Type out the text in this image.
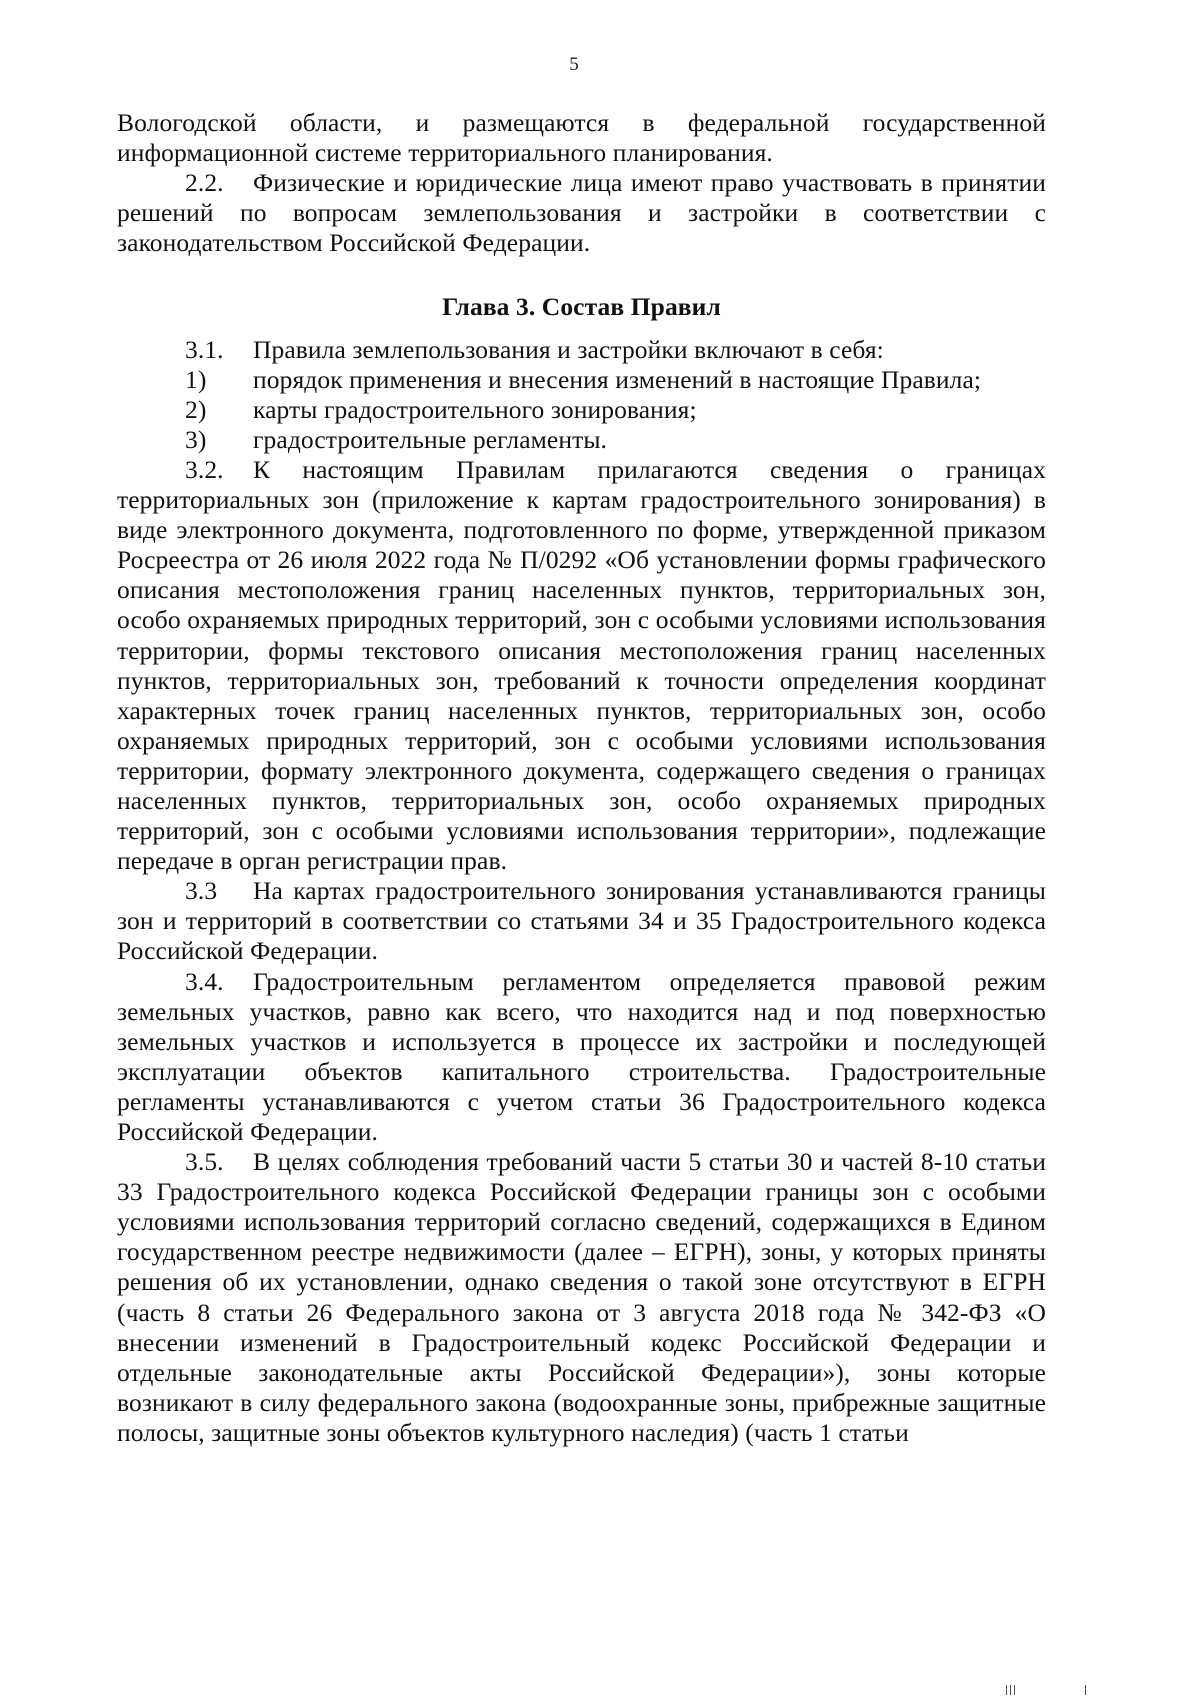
5

Вологодской области, и размещаются в федеральной государственной информационной системе территориального планирования.

2.2. Физические и юридические лица имеют право участвовать в принятии решений по вопросам землепользования и застройки в соответствии с законодательством Российской Федерации.

Глава 3. Состав Правил

3.1. Правила землепользования и застройки включают в себя:

1) порядок применения и внесения изменений в настоящие Правила;

2) карты градостроительного зонирования;

3) градостроительные регламенты.

3.2. К настоящим Правилам прилагаются сведения о границах территориальных зон (приложение к картам градостроительного зонирования) в виде электронного документа, подготовленного по форме, утвержденной приказом Росреестра от 26 июля 2022 года № П/0292 «Об установлении формы графического описания местоположения границ населенных пунктов, территориальных зон, особо охраняемых природных территорий, зон с особыми условиями использования территории, формы текстового описания местоположения границ населенных пунктов, территориальных зон, требований к точности определения координат характерных точек границ населенных пунктов, территориальных зон, особо охраняемых природных территорий, зон с особыми условиями использования территории, формату электронного документа, содержащего сведения о границах населенных пунктов, территориальных зон, особо охраняемых природных территорий, зон с особыми условиями использования территории», подлежащие передаче в орган регистрации прав.

3.3 На картах градостроительного зонирования устанавливаются границы зон и территорий в соответствии со статьями 34 и 35 Градостроительного кодекса Российской Федерации.

3.4. Градостроительным регламентом определяется правовой режим земельных участков, равно как всего, что находится над и под поверхностью земельных участков и используется в процессе их застройки и последующей эксплуатации объектов капитального строительства. Градостроительные регламенты устанавливаются с учетом статьи 36 Градостроительного кодекса Российской Федерации.

3.5. В целях соблюдения требований части 5 статьи 30 и частей 8-10 статьи 33 Градостроительного кодекса Российской Федерации границы зон с особыми условиями использования территорий согласно сведений, содержащихся в Едином государственном реестре недвижимости (далее – ЕГРН), зоны, у которых приняты решения об их установлении, однако сведения о такой зоне отсутствуют в ЕГРН (часть 8 статьи 26 Федерального закона от 3 августа 2018 года № 342-ФЗ «О внесении изменений в Градостроительный кодекс Российской Федерации и отдельные законодательные акты Российской Федерации»), зоны которые возникают в силу федерального закона (водоохранные зоны, прибрежные защитные полосы, защитные зоны объектов культурного наследия) (часть 1 статьи
